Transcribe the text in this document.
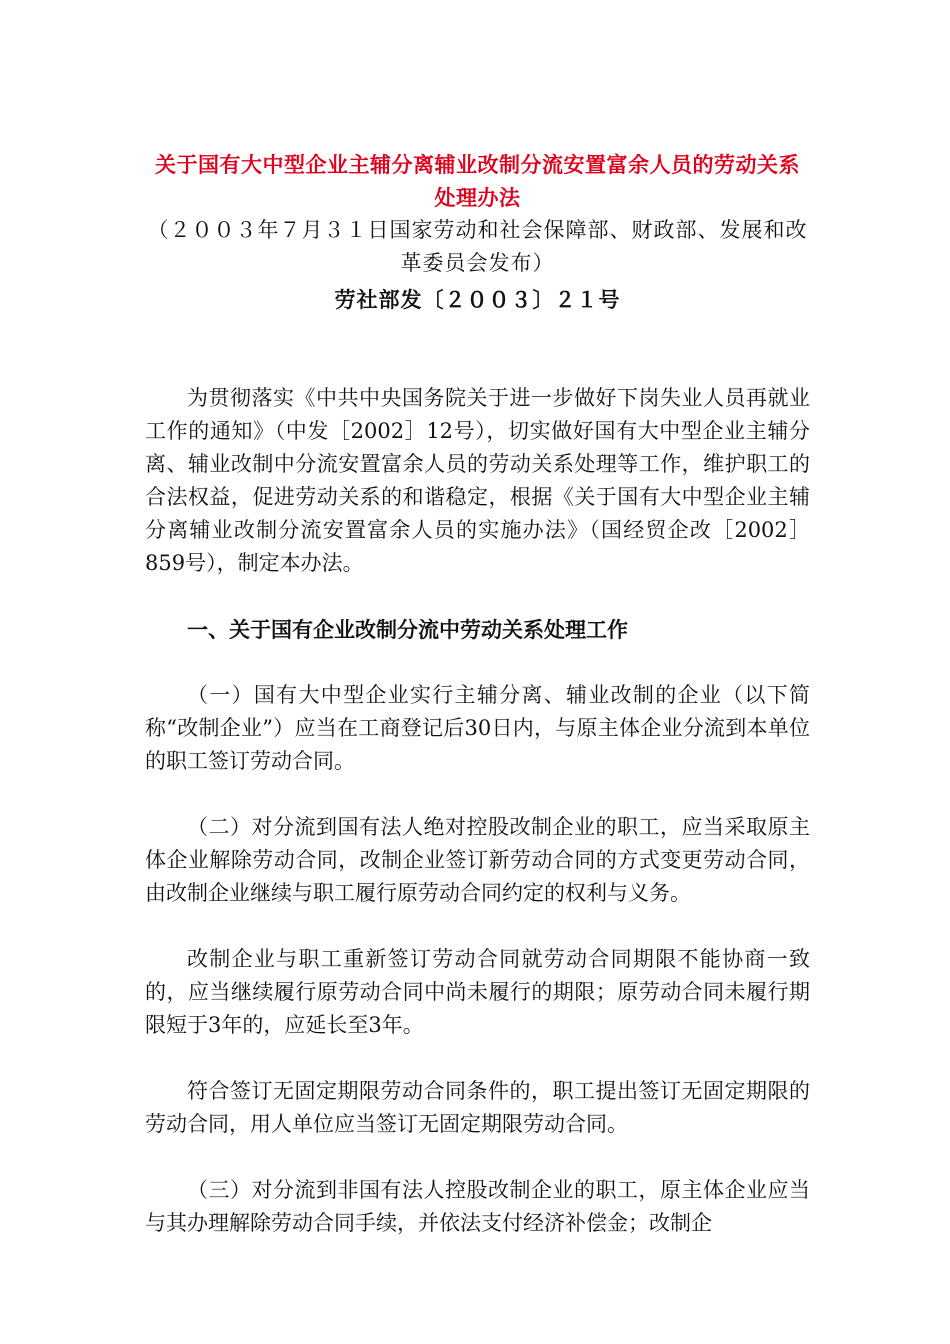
关于国有大中型企业主辅分离辅业改制分流安置富余人员的劳动关系处理办法

（２００３年７月３１日国家劳动和社会保障部、财政部、发展和改革委员会发布）

劳社部发〔２００３〕２１号

为贯彻落实《中共中央国务院关于进一步做好下岗失业人员再就业工作的通知》（中发［2002］12号），切实做好国有大中型企业主辅分离、辅业改制中分流安置富余人员的劳动关系处理等工作，维护职工的合法权益，促进劳动关系的和谐稳定，根据《关于国有大中型企业主辅分离辅业改制分流安置富余人员的实施办法》（国经贸企改［2002］859号），制定本办法。

一、关于国有企业改制分流中劳动关系处理工作

（一）国有大中型企业实行主辅分离、辅业改制的企业（以下简称“改制企业”）应当在工商登记后30日内，与原主体企业分流到本单位的职工签订劳动合同。

（二）对分流到国有法人绝对控股改制企业的职工，应当采取原主体企业解除劳动合同，改制企业签订新劳动合同的方式变更劳动合同，由改制企业继续与职工履行原劳动合同约定的权利与义务。

改制企业与职工重新签订劳动合同就劳动合同期限不能协商一致的，应当继续履行原劳动合同中尚未履行的期限；原劳动合同未履行期限短于3年的，应延长至3年。

符合签订无固定期限劳动合同条件的，职工提出签订无固定期限的劳动合同，用人单位应当签订无固定期限劳动合同。

（三）对分流到非国有法人控股改制企业的职工，原主体企业应当与其办理解除劳动合同手续，并依法支付经济补偿金；改制企
